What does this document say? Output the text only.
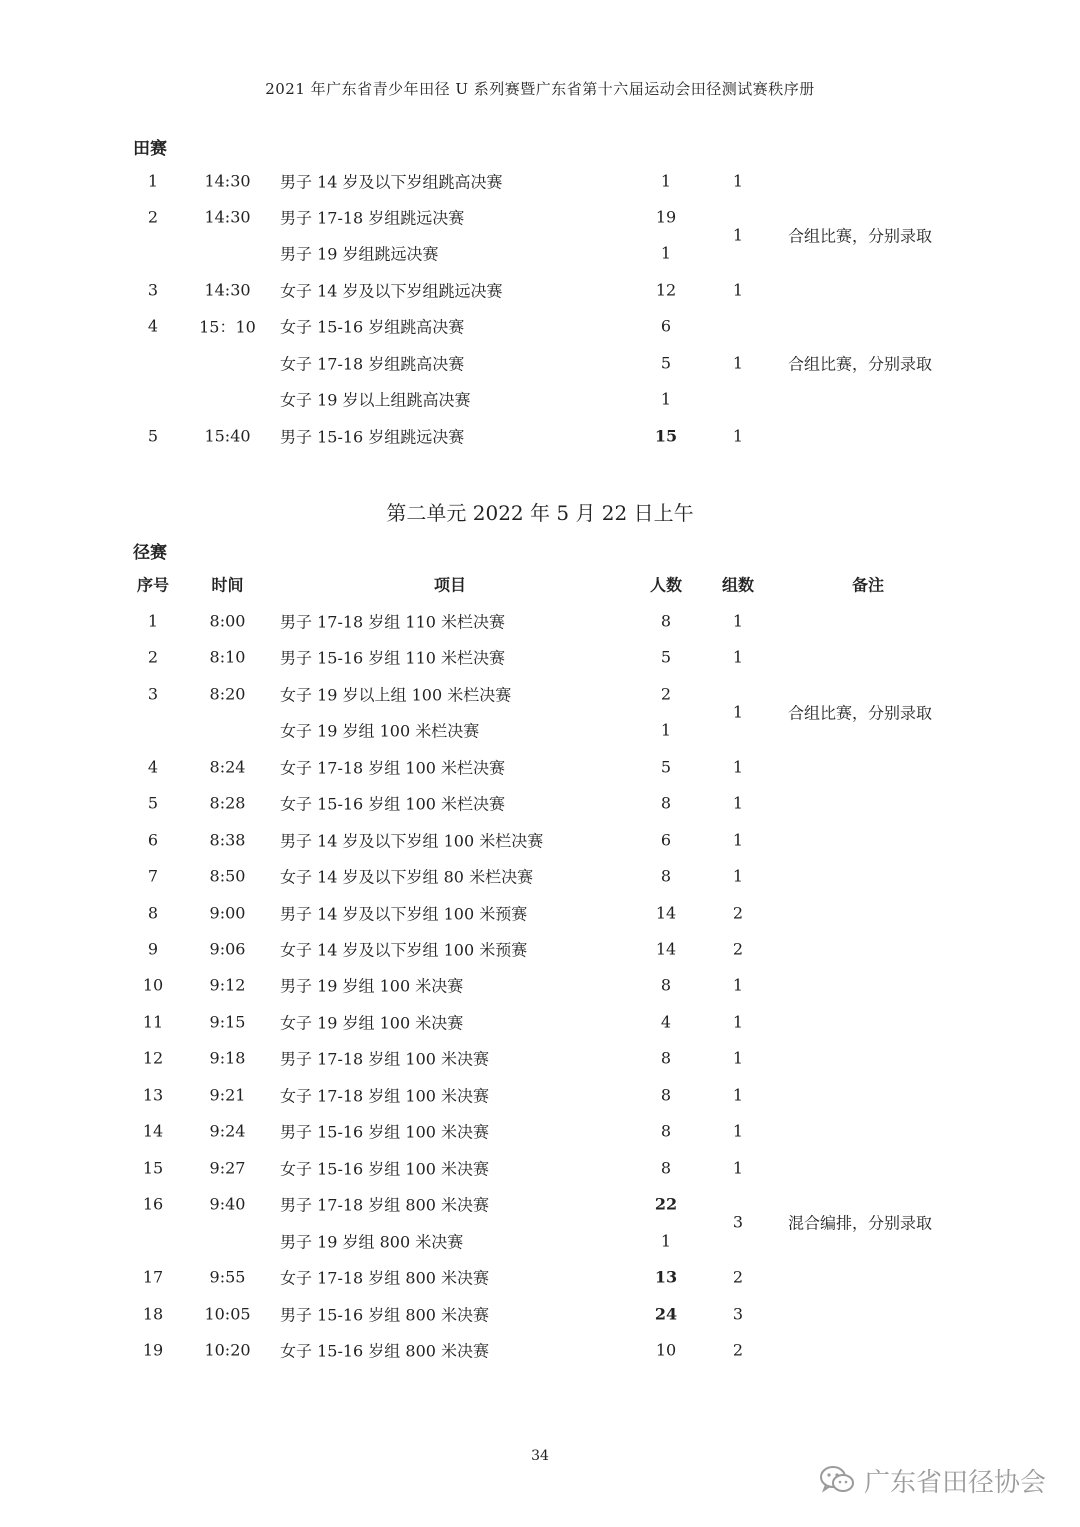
2021 年广东省青少年田径 U 系列赛暨广东省第十六届运动会田径测试赛秩序册
田赛
1	14:30	男子 14 岁及以下岁组跳高决赛	1	1
2	14:30	男子 17-18 岁组跳远决赛	19
男子 19 岁组跳远决赛	1
1	合组比赛，分别录取
3	14:30	女子 14 岁及以下岁组跳远决赛	12	1
4	15：10 女子 15-16 岁组跳高决赛	6
女子 17-18 岁组跳高决赛	5	1	合组比赛，分别录取
女子 19 岁以上组跳高决赛	1
5	15:40	男子 15-16 岁组跳远决赛	15	1
第二单元 2022 年 5 月 22 日上午
径赛
序号	时间	项目	人数	组数	备注
1	8:00	男子 17-18 岁组 110 米栏决赛	8	1
2	8:10	男子 15-16 岁组 110 米栏决赛	5	1
3	8:20	女子 19 岁以上组 100 米栏决赛	2
女子 19 岁组 100 米栏决赛	1
1	合组比赛，分别录取
4	8:24	女子 17-18 岁组 100 米栏决赛	5	1
5	8:28	女子 15-16 岁组 100 米栏决赛	8	1
6	8:38	男子 14 岁及以下岁组 100 米栏决赛	6	1
7	8:50	女子 14 岁及以下岁组 80 米栏决赛	8	1
8	9:00	男子 14 岁及以下岁组 100 米预赛	14	2
9	9:06	女子 14 岁及以下岁组 100 米预赛	14	2
10	9:12	男子 19 岁组 100 米决赛	8	1
11	9:15	女子 19 岁组 100 米决赛	4	1
12	9:18	男子 17-18 岁组 100 米决赛	8	1
13	9:21	女子 17-18 岁组 100 米决赛	8	1
14	9:24	男子 15-16 岁组 100 米决赛	8	1
15	9:27	女子 15-16 岁组 100 米决赛	8	1
16	9:40	男子 17-18 岁组 800 米决赛	22
男子 19 岁组 800 米决赛	1
3	混合编排，分别录取
17	9:55	女子 17-18 岁组 800 米决赛	13	2
18	10:05	男子 15-16 岁组 800 米决赛	24	3
19	10:20	女子 15-16 岁组 800 米决赛	10	2
34
广东省田径协会
